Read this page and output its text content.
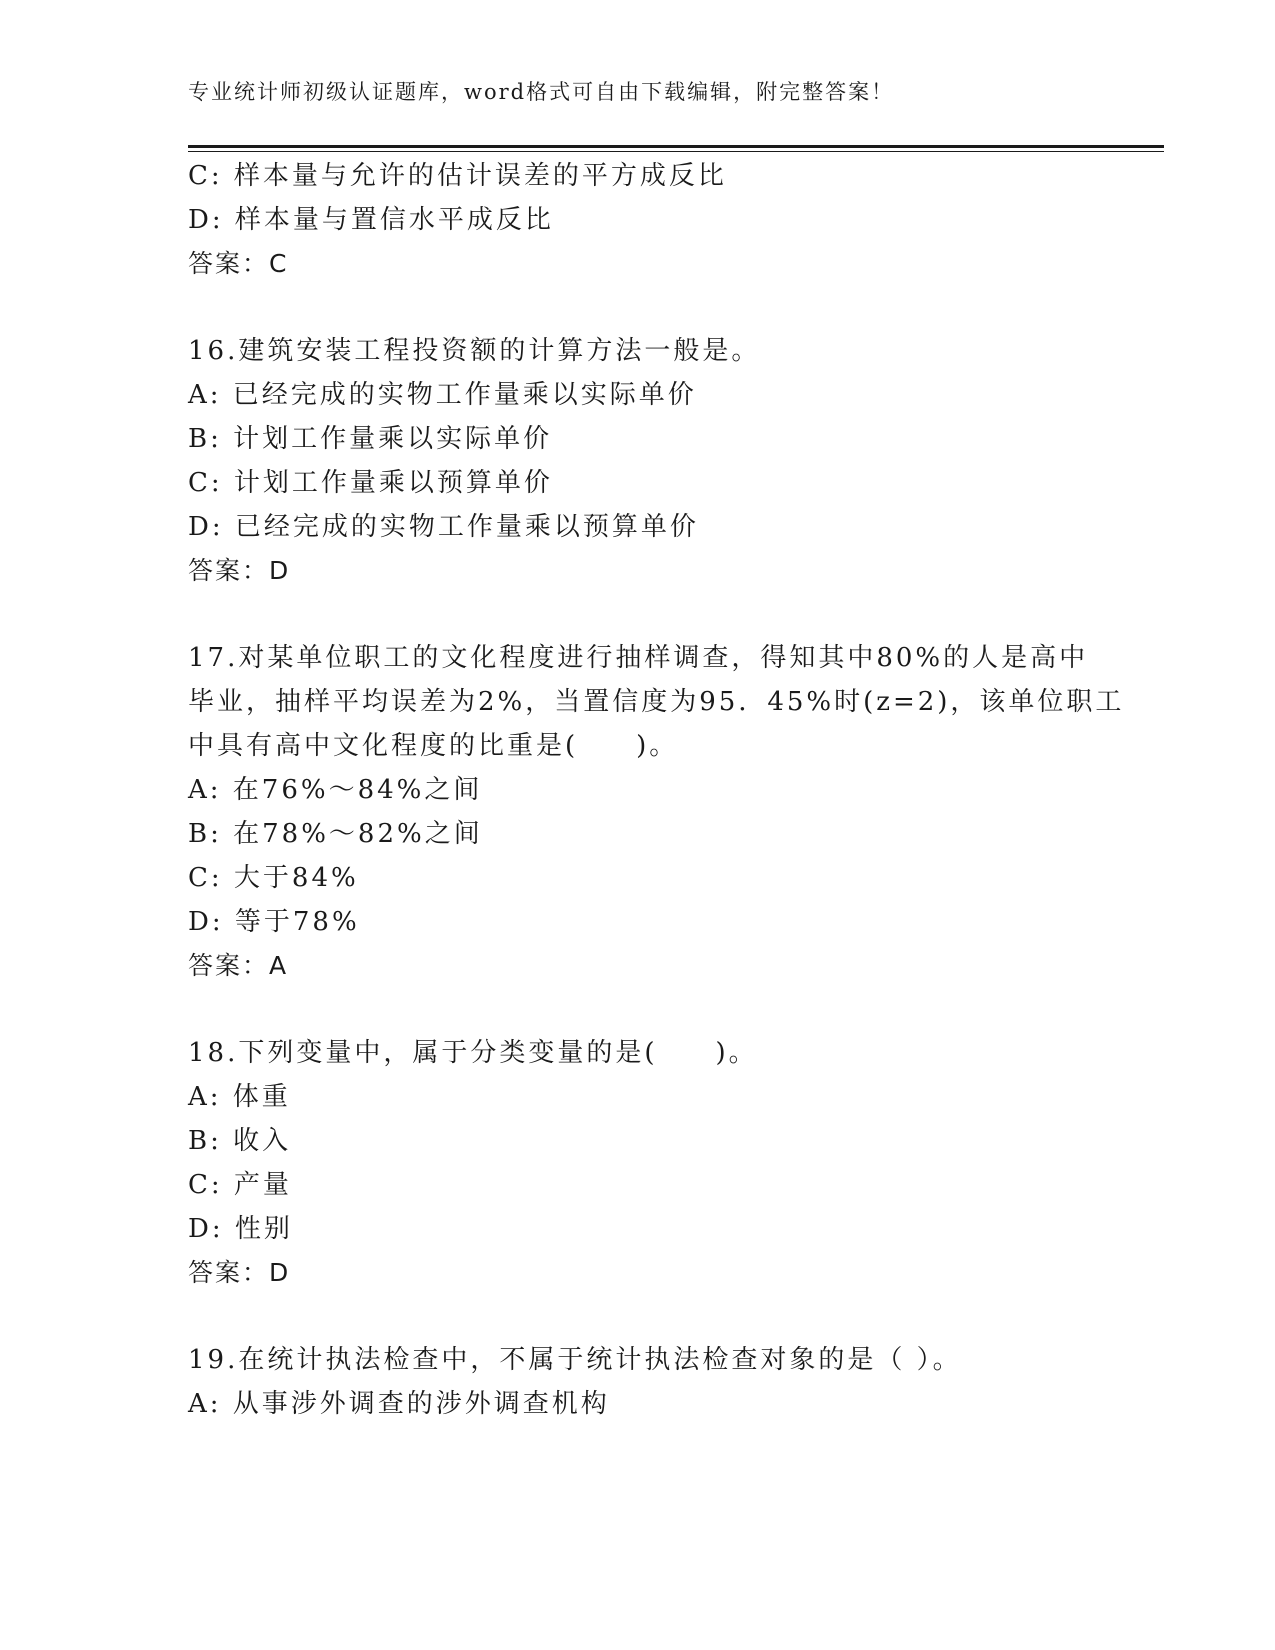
专业统计师初级认证题库，word格式可自由下载编辑，附完整答案！
C: 样本量与允许的估计误差的平方成反比
D: 样本量与置信水平成反比
答案：C
16.建筑安装工程投资额的计算方法一般是。
A: 已经完成的实物工作量乘以实际单价
B: 计划工作量乘以实际单价
C: 计划工作量乘以预算单价
D: 已经完成的实物工作量乘以预算单价
答案：D
17.对某单位职工的文化程度进行抽样调查，得知其中80%的人是高中
毕业，抽样平均误差为2%，当置信度为95．45%时(z=2)，该单位职工
中具有高中文化程度的比重是(　　)。
A: 在76%～84%之间
B: 在78%～82%之间
C: 大于84%
D: 等于78%
答案：A
18.下列变量中，属于分类变量的是(　　)。
A: 体重
B: 收入
C: 产量
D: 性别
答案：D
19.在统计执法检查中，不属于统计执法检查对象的是（ ）。
A: 从事涉外调查的涉外调查机构
